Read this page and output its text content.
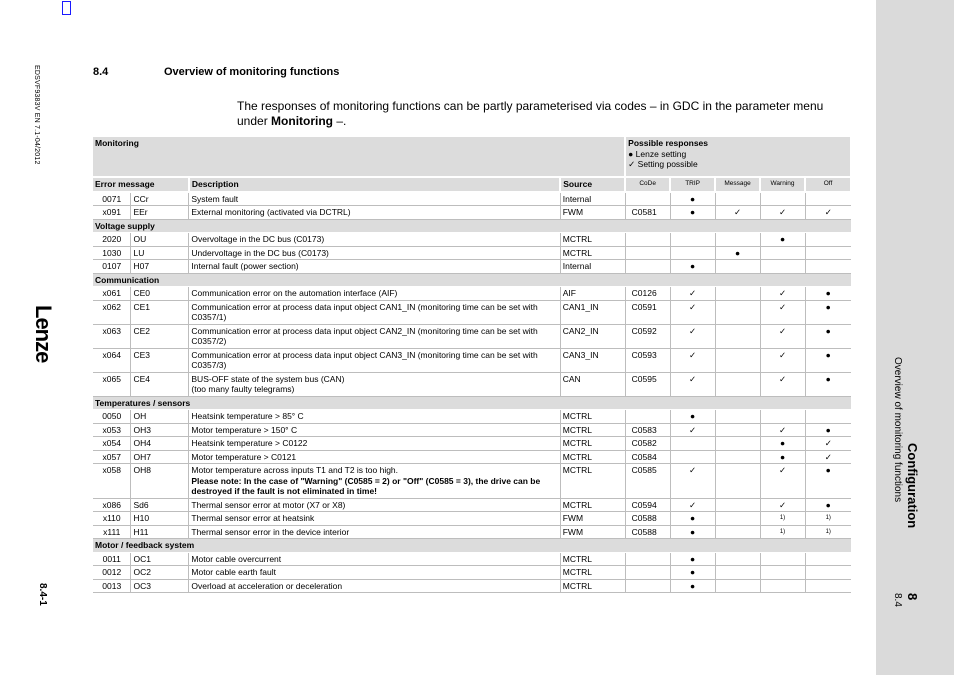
EDSVF9383V EN 7.1-04/2012
Lenze
8.4-1
8.4	Overview of monitoring functions
The responses of monitoring functions can be partly parameterised via codes – in GDC in the parameter menu under Monitoring –.
Monitoring				Possible responses
● Lenze setting
✓ Setting possible				

Error message		Description	Source	CoDe	TRIP	Message	Warning	Off
0071	CCr	System fault	Internal		●			
x091	EEr	External monitoring (activated via DCTRL)	FWM	C0581	●	✓	✓	✓
Voltage supply								
2020	OU	Overvoltage in the DC bus (C0173)	MCTRL				●	
1030	LU	Undervoltage in the DC bus (C0173)	MCTRL			●		
0107	H07	Internal fault (power section)	Internal		●			
Communication								
x061	CE0	Communication error on the automation interface (AIF)	AIF	C0126	✓		✓	●
x062	CE1	Communication error at process data input object CAN1_IN (monitoring time can be set with C0357/1)	CAN1_IN	C0591	✓		✓	●
x063	CE2	Communication error at process data input object CAN2_IN (monitoring time can be set with C0357/2)	CAN2_IN	C0592	✓		✓	●
x064	CE3	Communication error at process data input object CAN3_IN (monitoring time can be set with C0357/3)	CAN3_IN	C0593	✓		✓	●
x065	CE4	BUS-OFF state of the system bus (CAN)
(too many faulty telegrams)	CAN	C0595	✓		✓	●
Temperatures / sensors								
0050	OH	Heatsink temperature > 85° C	MCTRL		●			
x053	OH3	Motor temperature > 150° C	MCTRL	C0583	✓		✓	●
x054	OH4	Heatsink temperature > C0122	MCTRL	C0582			●	✓
x057	OH7	Motor temperature > C0121	MCTRL	C0584			●	✓
x058	OH8	Motor temperature across inputs T1 and T2 is too high.
Please note: In the case of "Warning" (C0585 = 2) or "Off" (C0585 = 3), the drive can be destroyed if the fault is not eliminated in time!	MCTRL	C0585	✓		✓	●
x086	Sd6	Thermal sensor error at motor (X7 or X8)	MCTRL	C0594	✓		✓	●
x110	H10	Thermal sensor error at heatsink	FWM	C0588	●		1)	1)
x111	H11	Thermal sensor error in the device interior	FWM	C0588	●		1)	1)
Motor / feedback system								
0011	OC1	Motor cable overcurrent	MCTRL		●			
0012	OC2	Motor cable earth fault	MCTRL		●			
0013	OC3	Overload at acceleration or deceleration	MCTRL		●			
Configuration
Overview of monitoring functions
8
8.4
